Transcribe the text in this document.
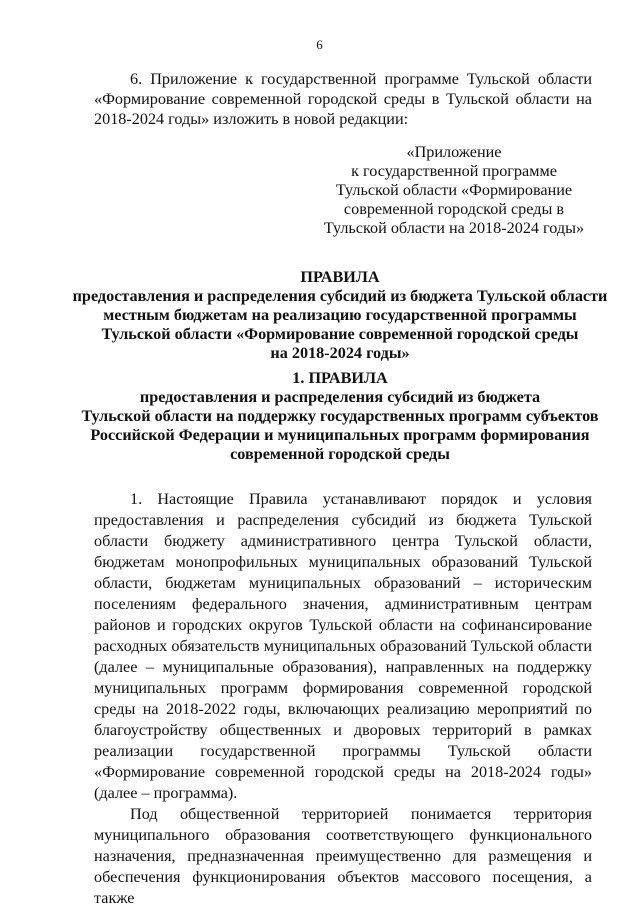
6
6. Приложение к государственной программе Тульской области «Формирование современной городской среды в Тульской области на 2018-2024 годы» изложить в новой редакции:
«Приложение
к государственной программе
Тульской области «Формирование
современной городской среды в
Тульской области на 2018-2024 годы»
ПРАВИЛА
предоставления и распределения субсидий из бюджета Тульской области
местным бюджетам на реализацию государственной программы
Тульской области «Формирование современной городской среды
на 2018-2024 годы»
1. ПРАВИЛА
предоставления и распределения субсидий из бюджета
Тульской области на поддержку государственных программ субъектов
Российской Федерации и муниципальных программ формирования
современной городской среды

1. Настоящие Правила устанавливают порядок и условия предоставления и распределения субсидий из бюджета Тульской области бюджету административного центра Тульской области, бюджетам монопрофильных муниципальных образований Тульской области, бюджетам муниципальных образований – историческим поселениям федерального значения, административным центрам районов и городских округов Тульской области на софинансирование расходных обязательств муниципальных образований Тульской области (далее – муниципальные образования), направленных на поддержку муниципальных программ формирования современной городской среды на 2018-2022 годы, включающих реализацию мероприятий по благоустройству общественных и дворовых территорий в рамках реализации государственной программы Тульской области «Формирование современной городской среды на 2018-2024 годы» (далее – программа).

Под общественной территорией понимается территория муниципального образования соответствующего функционального назначения, предназначенная преимущественно для размещения и обеспечения функционирования объектов массового посещения, а также
